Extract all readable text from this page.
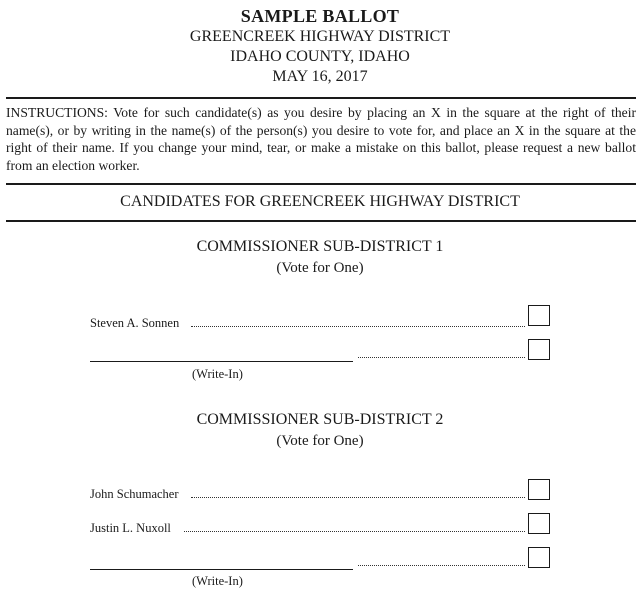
SAMPLE BALLOT
GREENCREEK HIGHWAY DISTRICT
IDAHO COUNTY, IDAHO
MAY 16, 2017
INSTRUCTIONS: Vote for such candidate(s) as you desire by placing an X in the square at the right of their name(s), or by writing in the name(s) of the person(s) you desire to vote for, and place an X in the square at the right of their name. If you change your mind, tear, or make a mistake on this ballot, please request a new ballot from an election worker.
CANDIDATES FOR GREENCREEK HIGHWAY DISTRICT
COMMISSIONER SUB-DISTRICT 1
(Vote for One)
Steven A. Sonnen
(Write-In)
COMMISSIONER SUB-DISTRICT 2
(Vote for One)
John Schumacher
Justin L. Nuxoll
(Write-In)
